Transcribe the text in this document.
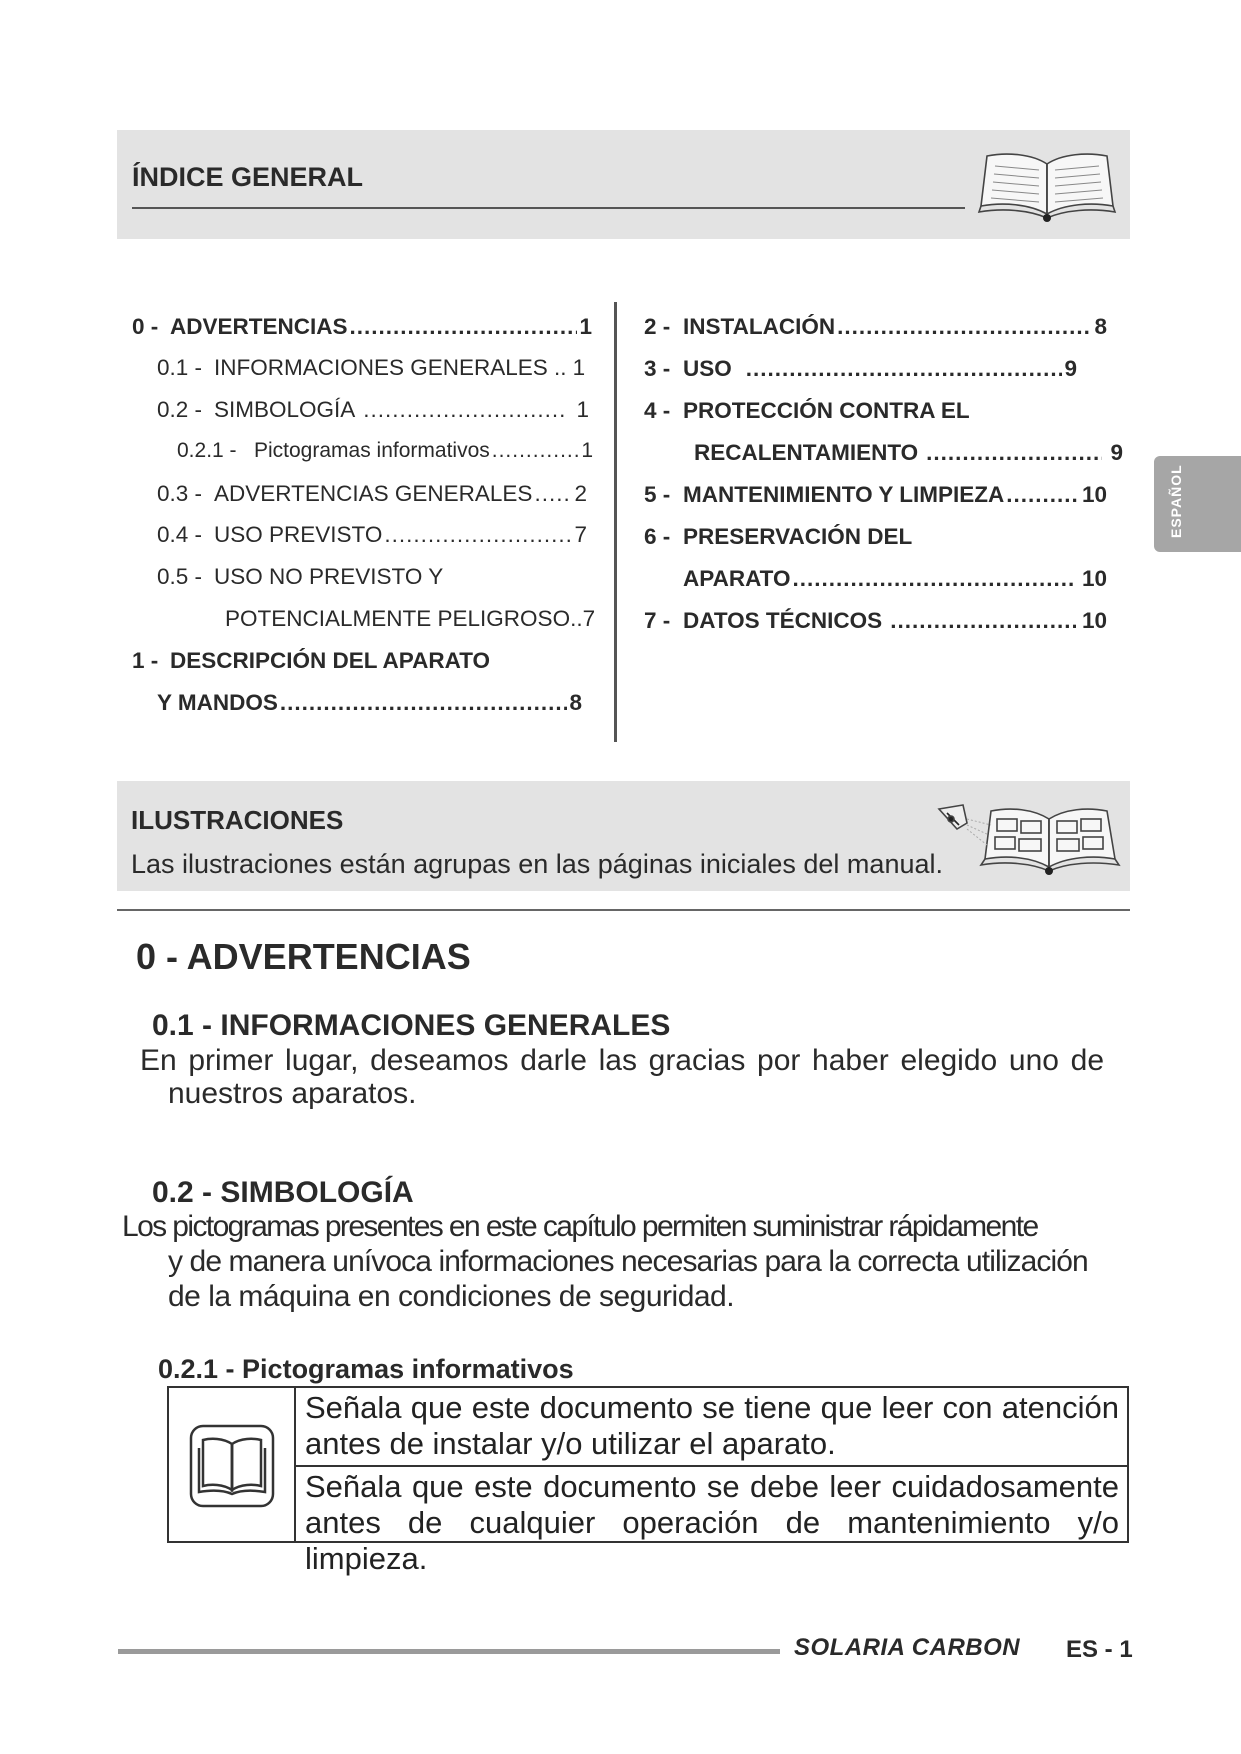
ÍNDICE GENERAL
0 - ADVERTENCIAS .....	1
0.1 - INFORMACIONES GENERALES .. 1
0.2 - SIMBOLOGÍA .....	1
0.2.1 - Pictogramas informativos .....	1
0.3 - ADVERTENCIAS GENERALES ..... 2
0.4 - USO PREVISTO .....	7
0.5 - USO NO PREVISTO Y
POTENCIALMENTE PELIGROSO.. 7
1 - DESCRIPCIÓN DEL APARATO
Y MANDOS .....	8
2 - INSTALACIÓN .....	8
3 - USO .....	9
4 - PROTECCIÓN CONTRA EL
RECALENTAMIENTO .....	9
5 - MANTENIMIENTO Y LIMPIEZA .....	10
6 - PRESERVACIÓN DEL
APARATO .....	10
7 - DATOS TÉCNICOS .....	10
ESPAÑOL
ILUSTRACIONES
Las ilustraciones están agrupas en las páginas iniciales del manual.
0 - ADVERTENCIAS
0.1 - INFORMACIONES GENERALES
En primer lugar, deseamos darle las gracias por haber elegido uno de
nuestros aparatos.
0.2 - SIMBOLOGÍA
Los pictogramas presentes en este capítulo permiten suministrar rápidamente
y de manera unívoca informaciones necesarias para la correcta utilización
de la máquina en condiciones de seguridad.
0.2.1 - Pictogramas informativos
Señala que este documento se tiene que leer con atención antes de instalar y/o utilizar el aparato.
Señala que este documento se debe leer cuidadosamente antes de cualquier operación de mantenimiento y/o limpieza.
SOLARIA CARBON ES - 1
